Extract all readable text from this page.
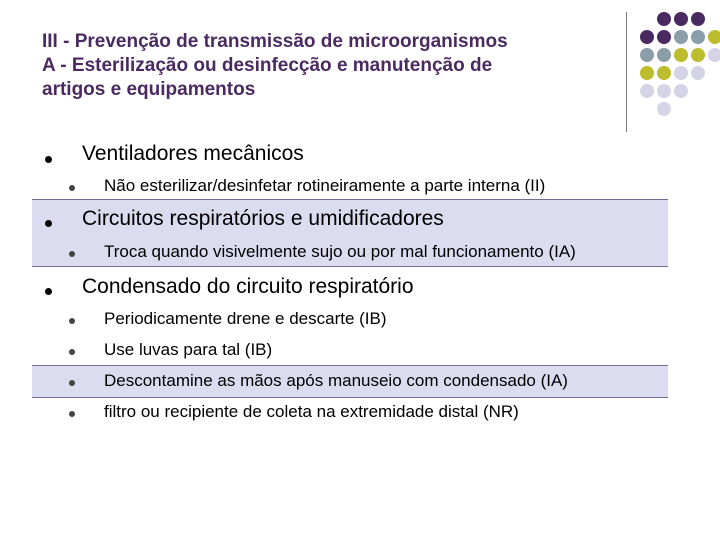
III - Prevenção de transmissão de microorganismos
A - Esterilização ou desinfecção e manutenção de
artigos e equipamentos
Ventiladores mecânicos
Não esterilizar/desinfetar rotineiramente a parte interna (II)
Circuitos respiratórios e umidificadores
Troca quando visivelmente sujo ou por mal funcionamento (IA)
Condensado do circuito respiratório
Periodicamente drene e descarte (IB)
Use luvas para tal (IB)
Descontamine as mãos após manuseio com condensado (IA)
filtro ou recipiente de coleta na extremidade distal (NR)
